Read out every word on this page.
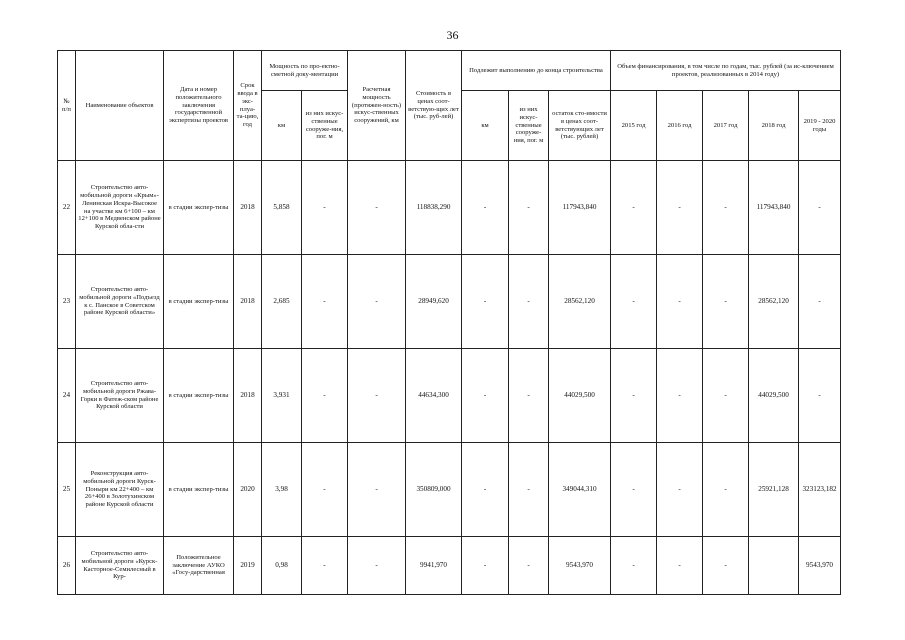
36
№ п/п	Наименование объектов	Дата и номер положительного заключения государственной экспертизы проектов	Срок ввода в экс-плуа-та-цию, год	Мощность по про-ектно-сметной доку-ментации		Расчетная мощность (протяжен-ность) искус-ственных сооружений, км	Стоимость в ценах соот-ветствую-щих лет (тыс. руб-лей)	Подлежит выполнению до конца строительства			Объем финансирования, в том числе по годам, тыс. рублей (за ис-ключением проектов, реализованных в 2014 году)				
				км	из них искус-ственные сооруже-ния, пог. м			км	из них искус-ственные сооруже-ния, пог. м	остаток сто-имости в ценах соот-ветствующих лет (тыс. рублей)	2015 год	2016 год	2017 год	2018 год	2019 - 2020 годы
22	Строительство авто-мобильной дороги «Крым»-Ленинская Искра-Высокое на участке км 6+100 – км 12+100 в Медвенском районе Курской обла-сти	в стадии экспер-тизы	2018	5,858	-	-	118838,290	-	-	117943,840	-	-	-	117943,840	-
23	Строительство авто-мобильной дороги «Подъезд к с. Панское в Советском районе Курской области»	в стадии экспер-тизы	2018	2,685	-	-	28949,620	-	-	28562,120	-	-	-	28562,120	-
24	Строительство авто-мобильной дороги Ржава-Горки в Фатеж-ском районе Курской области	в стадии экспер-тизы	2018	3,931	-	-	44634,300	-	-	44029,500	-	-	-	44029,500	-
25	Реконструкция авто-мобильной дороги Курск-Поныри км 22+400 – км 26+400 в Золотухинском районе Курской области	в стадии экспер-тизы	2020	3,98	-	-	350809,000	-	-	349044,310	-	-	-	25921,128	323123,182
26	Строительство авто-мобильной дороги «Курск-Касторное-Семилесный в Кур-	Положительное заключение АУКО «Госу-дарственная	2019	0,98	-	-	9941,970	-	-	9543,970	-	-	-		9543,970
